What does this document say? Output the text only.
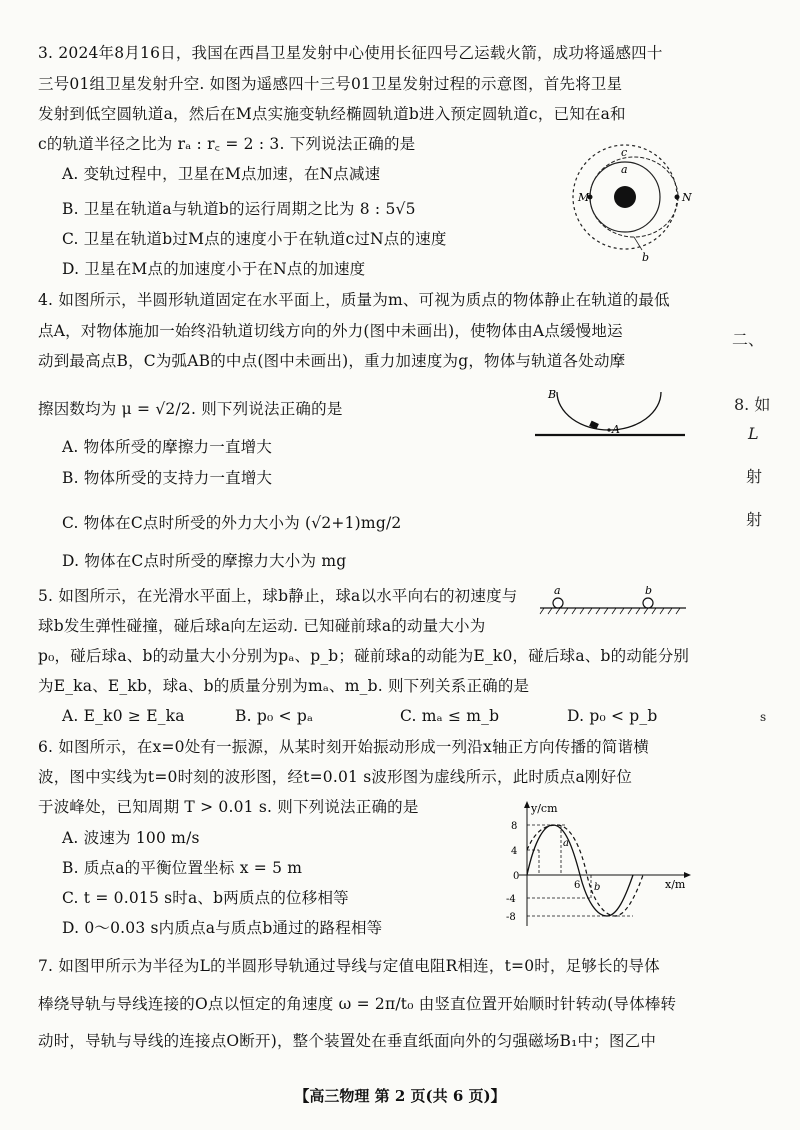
3. 2024年8月16日，我国在西昌卫星发射中心使用长征四号乙运载火箭，成功将遥感四十
三号01组卫星发射升空. 如图为遥感四十三号01卫星发射过程的示意图，首先将卫星
发射到低空圆轨道a，然后在M点实施变轨经椭圆轨道b进入预定圆轨道c，已知在a和
c的轨道半径之比为 rₐ : r꜀ = 2 : 3. 下列说法正确的是
A. 变轨过程中，卫星在M点加速，在N点减速
B. 卫星在轨道a与轨道b的运行周期之比为 8 : 5√5
C. 卫星在轨道b过M点的速度小于在轨道c过N点的速度
D. 卫星在M点的加速度小于在N点的加速度
c
a
M	N
b
4. 如图所示，半圆形轨道固定在水平面上，质量为m、可视为质点的物体静止在轨道的最低
点A，对物体施加一始终沿轨道切线方向的外力(图中未画出)，使物体由A点缓慢地运
动到最高点B，C为弧AB的中点(图中未画出)，重力加速度为g，物体与轨道各处动摩
擦因数均为 μ = √2/2. 则下列说法正确的是
A. 物体所受的摩擦力一直增大
B. 物体所受的支持力一直增大
C. 物体在C点时所受的外力大小为 (√2+1)mg/2
D. 物体在C点时所受的摩擦力大小为 mg
B
A
5. 如图所示，在光滑水平面上，球b静止，球a以水平向右的初速度与
球b发生弹性碰撞，碰后球a向左运动. 已知碰前球a的动量大小为
p₀，碰后球a、b的动量大小分别为pₐ、p_b；碰前球a的动能为E_k0，碰后球a、b的动能分别
为E_ka、E_kb，球a、b的质量分别为mₐ、m_b. 则下列关系正确的是
A. E_k0 ≥ E_ka	B. p₀ < pₐ	C. mₐ ≤ m_b	D. p₀ < p_b
a	b
6. 如图所示，在x=0处有一振源，从某时刻开始振动形成一列沿x轴正方向传播的简谐横
波，图中实线为t=0时刻的波形图，经t=0.01 s波形图为虚线所示，此时质点a刚好位
于波峰处，已知周期 T > 0.01 s. 则下列说法正确的是
A. 波速为 100 m/s
B. 质点a的平衡位置坐标 x = 5 m
C. t = 0.015 s时a、b两质点的位移相等
D. 0～0.03 s内质点a与质点b通过的路程相等
y/cm
x/m
8
4
0
-4
-8
6
a
b
7. 如图甲所示为半径为L的半圆形导轨通过导线与定值电阻R相连，t=0时，足够长的导体
棒绕导轨与导线连接的O点以恒定的角速度 ω = 2π/t₀ 由竖直位置开始顺时针转动(导体棒转
动时，导轨与导线的连接点O断开)，整个装置处在垂直纸面向外的匀强磁场B₁中；图乙中
二、
8. 如
L
射
射
s
【高三物理 第 2 页(共 6 页)】
